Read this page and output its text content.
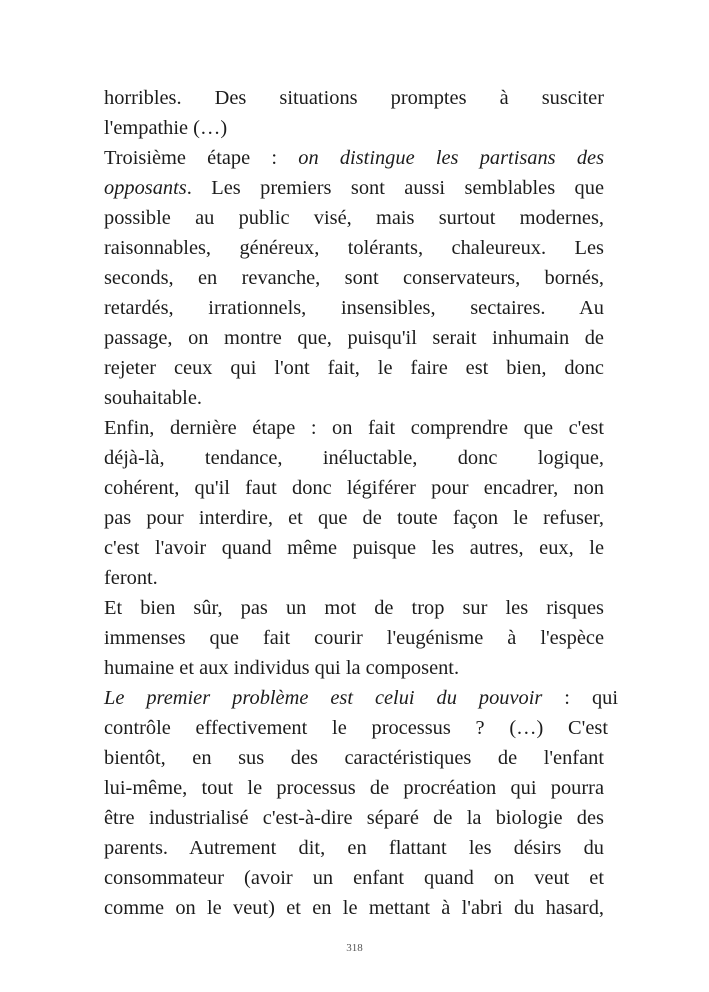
horribles. Des situations promptes à susciter
l'empathie (…)

Troisième étape : on distingue les partisans des
opposants. Les premiers sont aussi semblables que
possible au public visé, mais surtout modernes,
raisonnables, généreux, tolérants, chaleureux. Les
seconds, en revanche, sont conservateurs, bornés,
retardés, irrationnels, insensibles, sectaires. Au
passage, on montre que, puisqu'il serait inhumain de
rejeter ceux qui l'ont fait, le faire est bien, donc
souhaitable.

Enfin, dernière étape : on fait comprendre que c'est
déjà-là, tendance, inéluctable, donc logique,
cohérent, qu'il faut donc légiférer pour encadrer, non
pas pour interdire, et que de toute façon le refuser,
c'est l'avoir quand même puisque les autres, eux, le
feront.

Et bien sûr, pas un mot de trop sur les risques
immenses que fait courir l'eugénisme à l'espèce
humaine et aux individus qui la composent.

Le premier problème est celui du pouvoir : qui
contrôle effectivement le processus ? (…) C'est
bientôt, en sus des caractéristiques de l'enfant
lui-même, tout le processus de procréation qui pourra
être industrialisé c'est-à-dire séparé de la biologie des
parents. Autrement dit, en flattant les désirs du
consommateur (avoir un enfant quand on veut et
comme on le veut) et en le mettant à l'abri du hasard,

318
